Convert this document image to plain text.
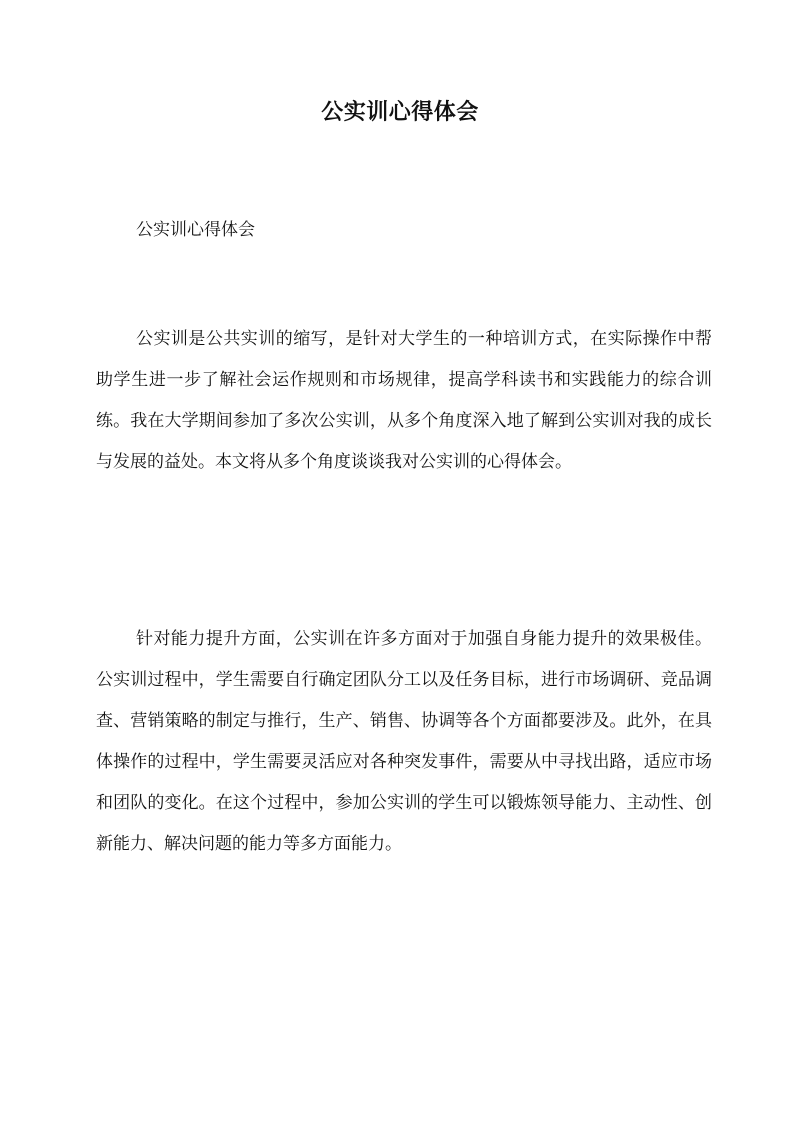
公实训心得体会
公实训心得体会

公实训是公共实训的缩写，是针对大学生的一种培训方式，在实际操作中帮助学生进一步了解社会运作规则和市场规律，提高学科读书和实践能力的综合训练。我在大学期间参加了多次公实训，从多个角度深入地了解到公实训对我的成长与发展的益处。本文将从多个角度谈谈我对公实训的心得体会。

针对能力提升方面，公实训在许多方面对于加强自身能力提升的效果极佳。公实训过程中，学生需要自行确定团队分工以及任务目标，进行市场调研、竞品调查、营销策略的制定与推行，生产、销售、协调等各个方面都要涉及。此外，在具体操作的过程中，学生需要灵活应对各种突发事件，需要从中寻找出路，适应市场和团队的变化。在这个过程中，参加公实训的学生可以锻炼领导能力、主动性、创新能力、解决问题的能力等多方面能力。
